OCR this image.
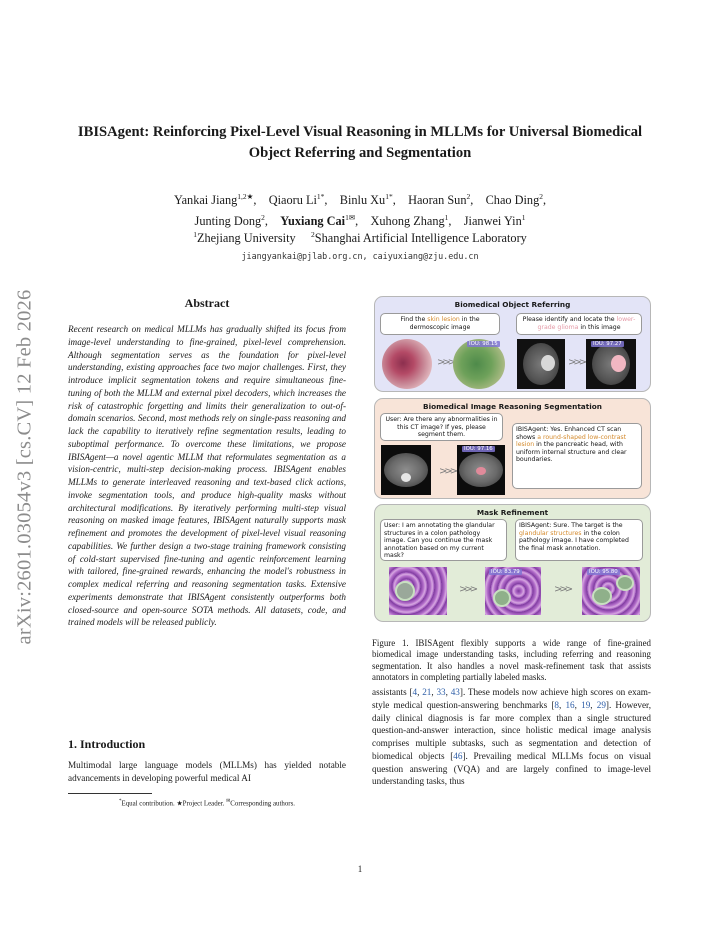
IBISAgent: Reinforcing Pixel-Level Visual Reasoning in MLLMs for Universal Biomedical Object Referring and Segmentation
Yankai Jiang$^{1,2★}$,    Qiaoru $Li^{1*}$,    Binlu $Xu^{1*}$,    Haoran Sun$^2$,    Chao Ding$^2$,
Junting Dong$^2$,    Yuxiang Cai$^{1✉}$,    Xuhong Zhang$^1$,    Jianwei Yin$^1$
$^1$Zhejiang University $^2$Shanghai Artificial Intelligence Laboratory
jiangyankai@pjlab.org.cn, caiyuxiang@zju.edu.cn
arXiv:2601.03054v3 [cs.CV] 12 Feb 2026	Abstract
Recent research on medical MLLMs has gradually shifted its focus from image-level understanding to fine-grained, pixel-level comprehension. Although segmentation serves as the foundation for pixel-level understanding, existing approaches face two major challenges. First, they introduce implicit segmentation tokens and require simultaneous fine-tuning of both the MLLM and external pixel decoders, which increases the risk of catastrophic forgetting and limits their generalization to out-of-domain scenarios. Second, most methods rely on single-pass reasoning and lack the capability to iteratively refine segmentation results, leading to suboptimal performance. To overcome these limitations, we propose IBISAgent—a novel agentic MLLM that reformulates segmentation as a vision-centric, multi-step decision-making process. IBISAgent enables MLLMs to generate interleaved reasoning and text-based click actions, invoke segmentation tools, and produce high-quality masks without architectural modifications. By iteratively performing multi-step visual reasoning on masked image features, IBISAgent naturally supports mask refinement and promotes the development of pixel-level visual reasoning capabilities. We further design a two-stage training framework consisting of cold-start supervised fine-tuning and agentic reinforcement learning with tailored, fine-grained rewards, enhancing the model's robustness in complex medical referring and reasoning segmentation tasks. Extensive experiments demonstrate that IBISAgent consistently outperforms both closed-source and open-source SOTA methods. All datasets, code, and trained models will be released publicly.
1. Introduction
Multimodal large language models (MLLMs) has yielded notable advancements in developing powerful medical AI
*Equal contribution. ★Project Leader. ✉Corresponding authors.
Biomedical Object Referring
Find the skin lesion in the dermoscopic image
Please identify and locate the lower-grade glioma in this image
>>>
IOU: 98.15
>>>
IOU: 97.27
Biomedical Image Reasoning Segmentation
User: Are there any abnormalities in this CT image? If yes, please segment them.
IBISAgent: Yes. Enhanced CT scan shows a round-shaped low-contrast lesion in the pancreatic head, with uniform internal structure and clear boundaries.
>>>
IOU: 97.16
Mask Refinement
User: I am annotating the glandular structures in a colon pathology image. Can you continue the mask annotation based on my current mask?
IBISAgent: Sure. The target is the glandular structures in the colon pathology image. I have completed the final mask annotation.
>>>
IOU: 83.79
>>>
IOU: 95.80
Figure 1. IBISAgent flexibly supports a wide range of fine-grained biomedical image understanding tasks, including referring and reasoning segmentation. It also handles a novel mask-refinement task that assists annotators in completing partially labeled masks.
assistants [4, 21, 33, 43]. These models now achieve high scores on exam-style medical question-answering benchmarks [8, 16, 19, 29]. However, daily clinical diagnosis is far more complex than a single structured question-and-answer interaction, since holistic medical image analysis comprises multiple subtasks, such as segmentation and detection of biomedical objects [46]. Prevailing medical MLLMs focus on visual question answering (VQA) and are largely confined to image-level understanding tasks, thus
1
